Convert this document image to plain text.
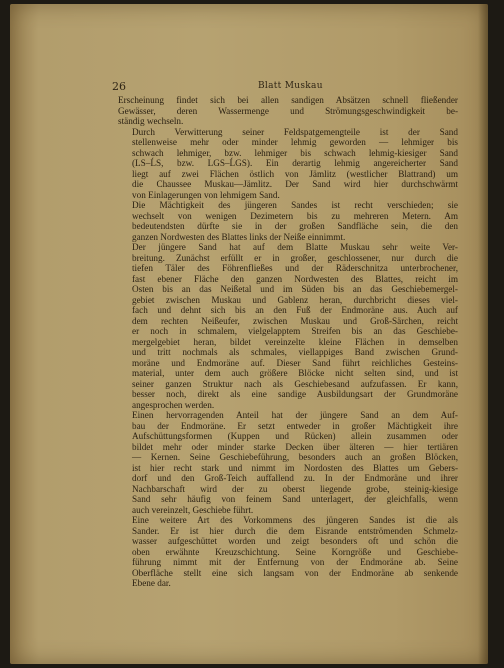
26	Blatt Muskau

Erscheinung findet sich bei allen sandigen Absätzen schnell fließender
Gewässer, deren Wassermenge und Strömungsgeschwindigkeit be-
ständig wechseln.

Durch Verwitterung seiner Feldspatgemengteile ist der Sand
stellenweise mehr oder minder lehmig geworden — lehmiger bis
schwach lehmiger, bzw. lehmiger bis schwach lehmig-kiesiger Sand
(LS–ĹS, bzw. LGS–ĹGS). Ein derartig lehmig angereicherter Sand
liegt auf zwei Flächen östlich von Jämlitz (westlicher Blattrand) um
die Chaussee Muskau—Jämlitz. Der Sand wird hier durchschwärmt
von Einlagerungen von lehmigem Sand.

Die Mächtigkeit des jüngeren Sandes ist recht verschieden; sie
wechselt von wenigen Dezimetern bis zu mehreren Metern. Am
bedeutendsten dürfte sie in der großen Sandfläche sein, die den
ganzen Nordwesten des Blattes links der Neiße einnimmt.

Der jüngere Sand hat auf dem Blatte Muskau sehr weite Ver-
breitung. Zunächst erfüllt er in großer, geschlossener, nur durch die
tiefen Täler des Föhrenfließes und der Räderschnitza unterbrochener,
fast ebener Fläche den ganzen Nordwesten des Blattes, reicht im
Osten bis an das Neißetal und im Süden bis an das Geschiebemergel-
gebiet zwischen Muskau und Gablenz heran, durchbricht dieses viel-
fach und dehnt sich bis an den Fuß der Endmoräne aus. Auch auf
dem rechten Neißeufer, zwischen Muskau und Groß-Särchen, reicht
er noch in schmalem, vielgelapptem Streifen bis an das Geschiebe-
mergelgebiet heran, bildet vereinzelte kleine Flächen in demselben
und tritt nochmals als schmales, viellappiges Band zwischen Grund-
moräne und Endmoräne auf. Dieser Sand führt reichliches Gesteins-
material, unter dem auch größere Blöcke nicht selten sind, und ist
seiner ganzen Struktur nach als Geschiebesand aufzufassen. Er kann,
besser noch, direkt als eine sandige Ausbildungsart der Grundmoräne
angesprochen werden.

Einen hervorragenden Anteil hat der jüngere Sand an dem Auf-
bau der Endmoräne. Er setzt entweder in großer Mächtigkeit ihre
Aufschüttungsformen (Kuppen und Rücken) allein zusammen oder
bildet mehr oder minder starke Decken über älteren — hier tertiären
— Kernen. Seine Geschiebeführung, besonders auch an großen Blöcken,
ist hier recht stark und nimmt im Nordosten des Blattes um Gebers-
dorf und den Groß-Teich auffallend zu. In der Endmoräne und ihrer
Nachbarschaft wird der zu oberst liegende grobe, steinig-kiesige
Sand sehr häufig von feinem Sand unterlagert, der gleichfalls, wenn
auch vereinzelt, Geschiebe führt.

Eine weitere Art des Vorkommens des jüngeren Sandes ist die als
Sander. Er ist hier durch die dem Eisrande entströmenden Schmelz-
wasser aufgeschüttet worden und zeigt besonders oft und schön die
oben erwähnte Kreuzschichtung. Seine Korngröße und Geschiebe-
führung nimmt mit der Entfernung von der Endmoräne ab. Seine
Oberfläche stellt eine sich langsam von der Endmoräne ab senkende
Ebene dar.
